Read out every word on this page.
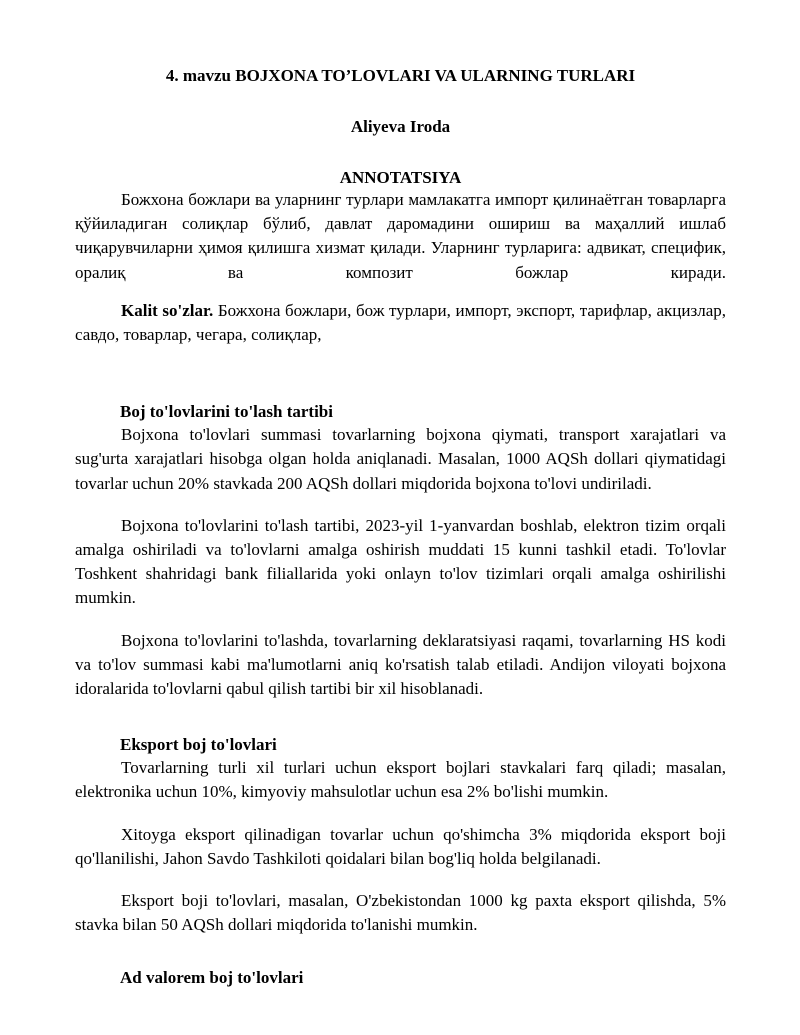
4. mavzu BOJXONA TO’LOVLARI VA ULARNING TURLARI
Aliyeva Iroda
ANNOTATSIYA

Божхона божлари ва уларнинг турлари мамлакатга импорт қилинаётган товарларга қўйиладиган солиқлар бўлиб, давлат даромадини ошириш ва маҳаллий ишлаб чиқарувчиларни ҳимоя қилишга хизмат қилади. Уларнинг турларига: адвикат, специфик, оралиқ ва композит божлар киради.

Kalit so'zlar. Божхона божлари, бож турлари, импорт, экспорт, тарифлар, акцизлар, савдо, товарлар, чегара, солиқлар,

Boj to'lovlarini to'lash tartibi

Bojxona to'lovlari summasi tovarlarning bojxona qiymati, transport xarajatlari va sug'urta xarajatlari hisobga olgan holda aniqlanadi. Masalan, 1000 AQSh dollari qiymatidagi tovarlar uchun 20% stavkada 200 AQSh dollari miqdorida bojxona to'lovi undiriladi.

Bojxona to'lovlarini to'lash tartibi, 2023-yil 1-yanvardan boshlab, elektron tizim orqali amalga oshiriladi va to'lovlarni amalga oshirish muddati 15 kunni tashkil etadi. To'lovlar Toshkent shahridagi bank filiallarida yoki onlayn to'lov tizimlari orqali amalga oshirilishi mumkin.

Bojxona to'lovlarini to'lashda, tovarlarning deklaratsiyasi raqami, tovarlarning HS kodi va to'lov summasi kabi ma'lumotlarni aniq ko'rsatish talab etiladi. Andijon viloyati bojxona idoralarida to'lovlarni qabul qilish tartibi bir xil hisoblanadi.

Eksport boj to'lovlari

Tovarlarning turli xil turlari uchun eksport bojlari stavkalari farq qiladi; masalan, elektronika uchun 10%, kimyoviy mahsulotlar uchun esa 2% bo'lishi mumkin.

Xitoyga eksport qilinadigan tovarlar uchun qo'shimcha 3% miqdorida eksport boji qo'llanilishi, Jahon Savdo Tashkiloti qoidalari bilan bog'liq holda belgilanadi.

Eksport boji to'lovlari, masalan, O'zbekistondan 1000 kg paxta eksport qilishda, 5% stavka bilan 50 AQSh dollari miqdorida to'lanishi mumkin.

Ad valorem boj to'lovlari
